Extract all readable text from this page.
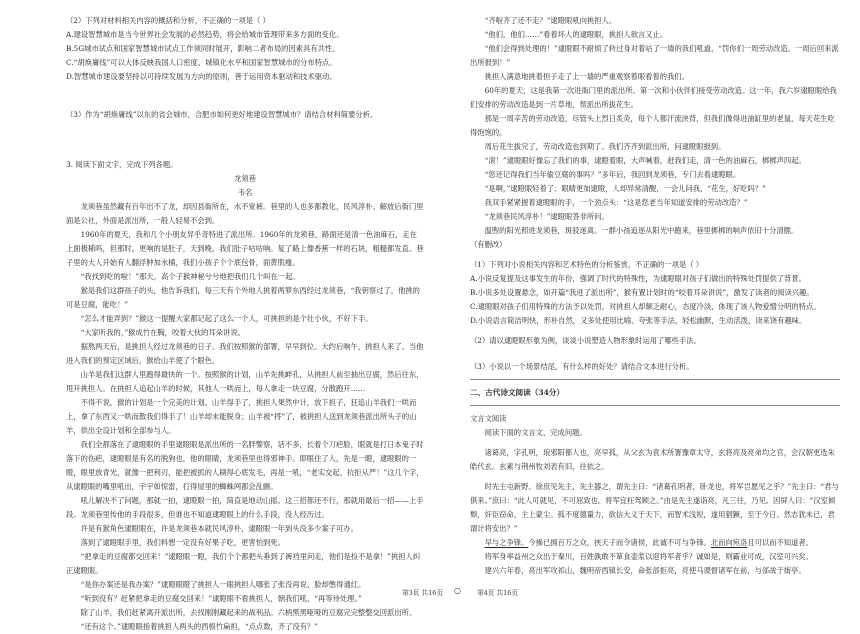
（2）下列对材料相关内容的概括和分析，不正确的一项是（ ）

A.建设智慧城市是当今世界社会发展的必然趋势，将会给城市管理带来多方面的变化。

B.5G城市试点和国家智慧城市试点工作须同时展开，影响二者布局的因素具有共性。

C.“胡焕庸线”可以大体反映我国人口密度、城镇化水平和国家智慧城市的分布特点。

D.智慧城市建设要坚持以可持续发展为方向的原则，善于运用资本驱动和技术驱动。

（3）作为“胡焕庸线”以东的省会城市，合肥市如何更好地建设智慧城市？请结合材料简要分析。

3. 阅读下面文字，完成下列各题。

龙须巷

韦名

龙须巷虽然藏有百年出不了龙，却因县衙所在，水不宽裤。巷里的人也多都教化，民风淳朴。解放后衙门里面是公社，外面是派出所，一般人轻易不会到。

1960年的夏天，我和几个小朋友异乎奇特进了派出所。1960年的龙须巷，路面还是清一色油麻石，走在上面极稀吗，但那时，更响的是肚子，天到晚，我们肚子咕咕响。复了路上像香蕉一样的石块，粗糙都发直。巷子里的大人开始有人翻浮肿加水桶，我们小孩子个个底包骨，面黄肌瘦。

“我找到吃的啦！”那天，高个子猴神秘兮兮地把我们几个叫在一起。

猴是我们这群孩子的头，他告诉我们，每三天有个外地人挑着两箩东西经过龙须巷，“我钥察过了，他挑的可是豆腐，能吃！”

“怎么才能弄到？”猴这一提醒大家都记起了这么一个人，可挑担的是个壮小伙，不好下手。

“大家听我的，”猴成竹在胸，咬着大伙的耳朵讲说。

据熬两天后，是挑担人经过龙须巷的日子。我们按照猴的部署，早早到位。大约后晌午，挑担人来了。当他进入我们的预定区域后，猴给山羊使了个眼色。

山羊是我们这群人里跑得最快的一个。按照猴的计划，山羊先挑衅孔，从挑担人前至抽出豆腐，然后往东，甩开挑担人。在挑担人追起山羊的时候，其他人一哄而上，每人拿走一块豆腐，分散跑开……

不得不说，猴的计划是一个完美的计划。山羊得手了，挑担人果然中计，放下担子，狂追山羊我们一哄而上，拿了东西又一哄而散我们得手了！山羊却未能脱身；山羊被“捋”了，被挑担人送到龙须巷派出所头子的山羊，供出全设计划和全部参与人。

我们全都落在了逮瞪眼的手里逮瞪眼是派出所的一名胖警察，话不多，长着个刀疤脸，眼就是打日本鬼子时落下的伤疤，逮瞪眼是有名的脱狗也，他的眼睛，龙须巷里也得邪神手。即眼住了人，先是一瞪，逮瞪眼的一瞪，眼里放青光，就像一把利刃，能把被抓的人刷得心底发毛，再是一吼，“老实交起，抗拒从严！”这几个字，从逮瞪眼的嘴里吼出，宇宇如惊雷，打得屋里的蜘蛛网都会乱颤。

吼儿解决不了问题，那就一拍，逮瞪眼一拍，简直是地动山摇。这三招都还不行，那就用最后一招——上手段。龙须巷里传他的手段很多，但谁也不知道逮瞪眼上的什么手段，没人经历过。

许是有猴角色逮瞪眼在，许是龙须巷本就民风淳朴，逮瞪眼一年到头没多少案子可办。

落到了逮瞪眼手里，我们料想一定没有好果子吃，更害怕到死。

“把拿走的豆腐都交回来！”逮瞪眼一瞪，我们个个都把头垂到了裤裆里问走，他们是捡不是拿！”挑担人纠正逮瞪眼。

“是你办案还是我办案？”逮瞪眼瞪了挑担人一眼挑担人哪张了张没再说，脸却憋得通红。

“听到没有？赶紧把拿走的豆腐交回来！”逮瞪眼不看挑担人，朝我们吼，“再等待处理。”

除了山羊，我们赶紧离开派出所，去找刚刚藏起来的战利品。六柄黑黑哑哑的豆腐完完整整交回派出所。

“还有这个。”逮瞪眼指着挑担人两头的西根竹扁担，“点点数，齐了没有？”

“齐啦齐了还不走？”逮瞪眼吼向挑担人。

“他们，他们……”看着坏人的逮瞪眼，挑担人欲言又止。

“他们会得到处理的！”逮瞪眼不耐烦了转过身对着站了一墙的我们吼道，“罚你们一周劳动改造。一周后回来派出所报到！”

挑担人满意地挑着担子走了上一墙的严重观察着眼看着的我们。

60年的夏天，这是我第一次进衙门里的派出所。第一次和小伙伴们接受劳动改造。这一年，我六岁逮瞪眼给我们安排的劳动改造是到一片草地，帮派出所拔花生。

那是一周辛苦的劳动改造，尽管头上烈日炙灸，每个人都汗流浃背，但我们像得进油缸里的老鼠，每天花生吃得饱饱的。

周后花生拔完了，劳动改造也到期了。我们齐齐到派出所，问逮瞪眼报到。

“滚！”逮瞪眼好像忘了我们的事，逮瞪着眼，大声喊着，赶我们走，清一色的油麻石，梆梆声四起。

“您还记得我们当年偷豆腐的事吗？”多年后，我回到龙须巷，专门去看逮瞪眼。

“是啊，”逮瞪眼轻着了；眼睛更加逮瞪，人却异常清醒，一会儿问我，“花生，好吃吗？”

我双手紧紧握着逮瞪眼的手，一个劲点头：“这是您老当年知道安排的劳动改造？”

“龙须巷民风淳朴！”逮瞪眼答非所问。

温煦的阳光照进龙须巷，斑驳迷离。一群小孩追逐从阳光中跑来，巷里梆梆的响声依旧十分清脆。

（有删改）

（1）下列对小说相关内容和艺术特色的分析鉴赏，不正确的一项是（ ）

A.小说反复提及这事发生的年份，强调了时代的特殊性，为逮瞪眼对孩子们做出的特殊处罚提供了背景。

B.小说多处设置悬念，如开篇“我进了派出所”，猴有置计划时的“咬着耳朵讲说”，激发了读者的阅读兴趣。

C.逮瞪眼对孩子们用特殊的方法予以处罚，对挑担人却颇乏耐心，态度冷淡，体现了该人物爱憎分明的特点。

D.小说语言简洁明快，形朴自然，又多处使用比喻、夸张等手法，轻松幽默，生动活泼，读来饶有趣味。

（2）请以逮瞪眼形象为例，谈谈小说塑造人物形象时运用了哪些手法。

（3）小说以一个场景结尾，有什么样的好处？请结合文本进行分析。

二、古代诗文阅读（34分）

文言文阅读

阅读下面的文言文，完成问题。

诸葛亮，字孔明，琅邪阳都人也，亮早孤，从父玄为袁术所署豫章太守，玄将亮及亮弟均之官，会汉朝更选朱皓代玄。玄素与荆州牧刘表有旧，往依之。

时先主屯新野。徐庶见先主，先主器之，谓先主曰：“诸葛孔明者，卧龙也，将军岂愿见之乎？”先主曰：“君与俱来。”庶曰：“此人可就见，不可屈致也。将军宜枉驾顾之。”由是先主遂诣亮，凡三往，乃见。因屏人曰：“汉室倾颓，奸臣窃命，主上蒙尘。孤不度德量力，欲信大义于天下，而智术浅短，遂用猖獗，至于今日。然志犹未已，君谓计将安出？”

早与之争锋。今操已拥百万之众，挟天子而令诸侯，此诚不可与争锋。北而向宛洛且可以而不知道者。

将军身率益州之众出于秦川，百姓孰敢不箪食壶浆以迎将军者乎？诚如是，则霸业可成，汉室可兴矣。

建兴六年春，亮出军攻祁山，魏明帝西镇长安，命张郃拒亮，亮使马谡督诸军在前，与郃战于街亭。

第3页 共16页 ○ 第4页 共16页
